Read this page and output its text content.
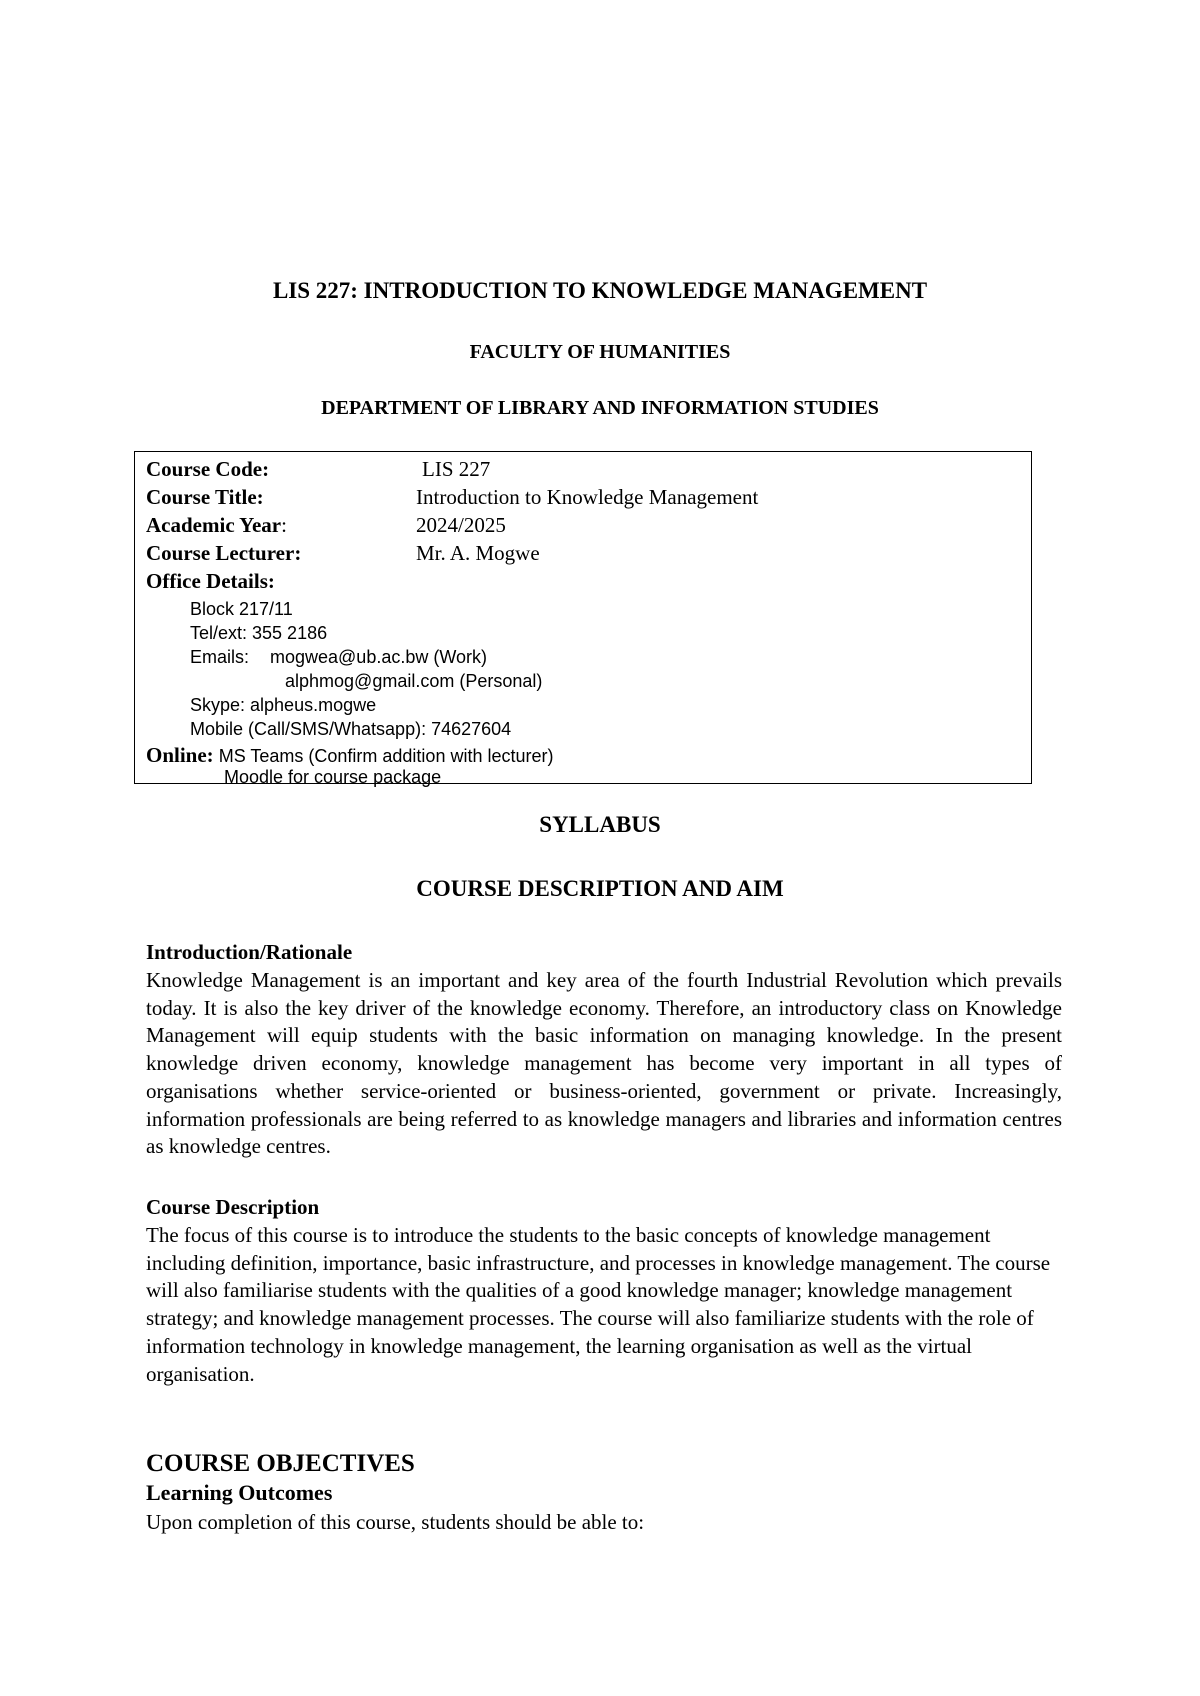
LIS 227: INTRODUCTION TO KNOWLEDGE MANAGEMENT
FACULTY OF HUMANITIES
DEPARTMENT OF LIBRARY AND INFORMATION STUDIES
Course Code:	LIS 227
Course Title:	Introduction to Knowledge Management
Academic Year:	2024/2025
Course Lecturer:	Mr. A. Mogwe
Office Details:
Block 217/11
Tel/ext: 355 2186
Emails: mogwea@ub.ac.bw (Work)
alphmog@gmail.com (Personal)
Skype: alpheus.mogwe
Mobile (Call/SMS/Whatsapp): 74627604
Online: MS Teams (Confirm addition with lecturer)
Moodle for course package
SYLLABUS
COURSE DESCRIPTION AND AIM
Introduction/Rationale

Knowledge Management is an important and key area of the fourth Industrial Revolution which prevails today. It is also the key driver of the knowledge economy. Therefore, an introductory class on Knowledge Management will equip students with the basic information on managing knowledge. In the present knowledge driven economy, knowledge management has become very important in all types of organisations whether service-oriented or business-oriented, government or private. Increasingly, information professionals are being referred to as knowledge managers and libraries and information centres as knowledge centres.

Course Description

The focus of this course is to introduce the students to the basic concepts of knowledge management including definition, importance, basic infrastructure, and processes in knowledge management. The course will also familiarise students with the qualities of a good knowledge manager; knowledge management strategy; and knowledge management processes. The course will also familiarize students with the role of information technology in knowledge management, the learning organisation as well as the virtual organisation.

COURSE OBJECTIVES
Learning Outcomes

Upon completion of this course, students should be able to:
